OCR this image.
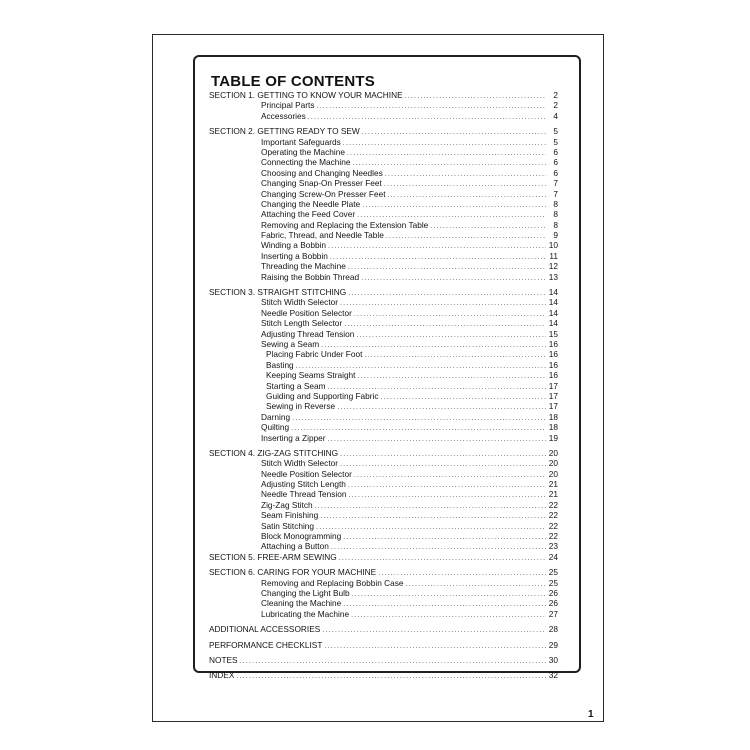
TABLE OF CONTENTS
SECTION 1. GETTING TO KNOW YOUR MACHINE .....	2
Principal Parts .....	2
Accessories .....	4
SECTION 2. GETTING READY TO SEW .....	5
Important Safeguards .....	5
Operating the Machine .....	6
Connecting the Machine .....	6
Choosing and Changing Needles .....	6
Changing Snap-On Presser Feet .....	7
Changing Screw-On Presser Feet .....	7
Changing the Needle Plate .....	8
Attaching the Feed Cover .....	8
Removing and Replacing the Extension Table .....	8
Fabric, Thread, and Needle Table .....	9
Winding a Bobbin .....	10
Inserting a Bobbin .....	11
Threading the Machine .....	12
Raising the Bobbin Thread .....	13
SECTION 3. STRAIGHT STITCHING .....	14
Stitch Width Selector .....	14
Needle Position Selector .....	14
Stitch Length Selector .....	14
Adjusting Thread Tension .....	15
Sewing a Seam .....	16
Placing Fabric Under Foot .....	16
Basting .....	16
Keeping Seams Straight .....	16
Starting a Seam .....	17
Guiding and Supporting Fabric .....	17
Sewing in Reverse .....	17
Darning .....	18
Quilting .....	18
Inserting a Zipper .....	19
SECTION 4. ZIG-ZAG STITCHING .....	20
Stitch Width Selector .....	20
Needle Position Selector .....	20
Adjusting Stitch Length .....	21
Needle Thread Tension .....	21
Zig-Zag Stitch .....	22
Seam Finishing .....	22
Satin Stitching .....	22
Block Monogramming .....	22
Attaching a Button .....	23
SECTION 5. FREE-ARM SEWING .....	24
SECTION 6. CARING FOR YOUR MACHINE .....	25
Removing and Replacing Bobbin Case .....	25
Changing the Light Bulb .....	26
Cleaning the Machine .....	26
Lubricating the Machine .....	27
ADDITIONAL ACCESSORIES .....	28
PERFORMANCE CHECKLIST .....	29
NOTES .....	30
INDEX .....	32
1
